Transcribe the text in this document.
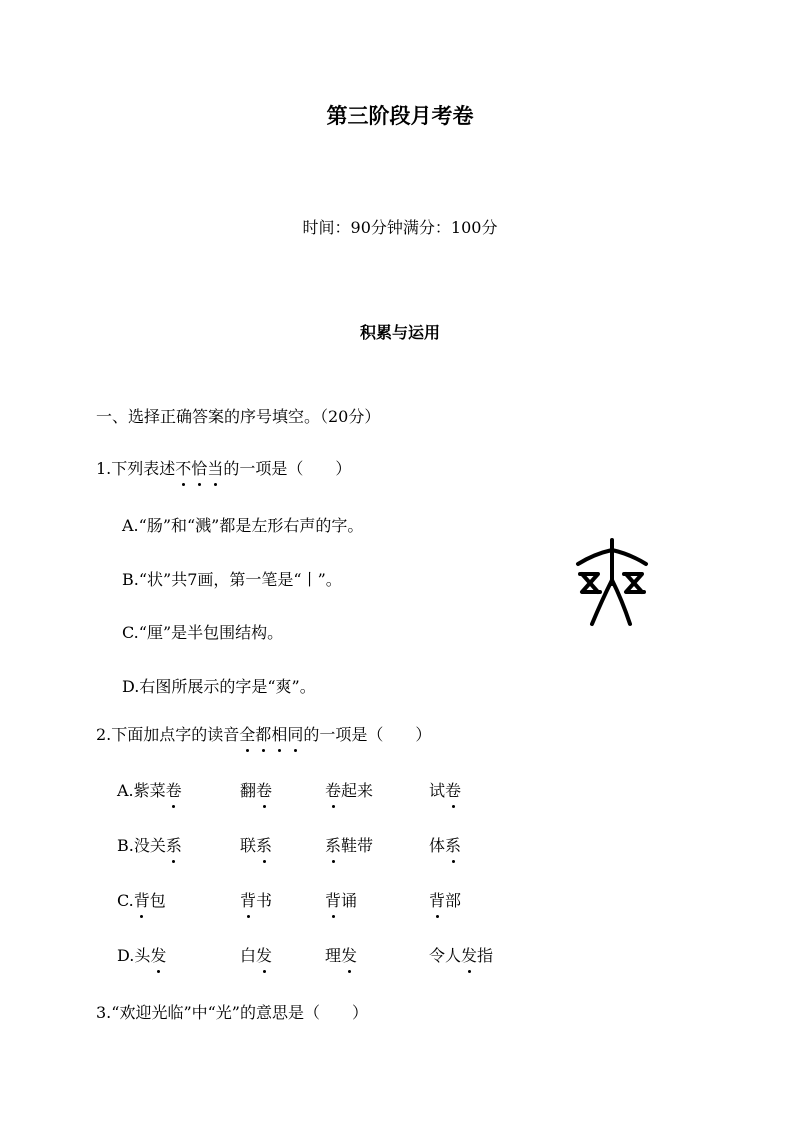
第三阶段月考卷
时间：90分钟满分：100分
积累与运用
一、选择正确答案的序号填空。（20分）
1.下列表述不恰当的一项是（　　）
A.“肠”和“溅”都是左形右声的字。
B.“状”共7画，第一笔是“丨”。
C.“厘”是半包围结构。
D.右图所展示的字是“爽”。
2.下面加点字的读音全都相同的一项是（　　）
A.紫菜卷	翻卷	卷起来	试卷
B.没关系	联系	系鞋带	体系
C.背包	背书	背诵	背部
D.头发	白发	理发	令人发指
3.“欢迎光临”中“光”的意思是（　　）
